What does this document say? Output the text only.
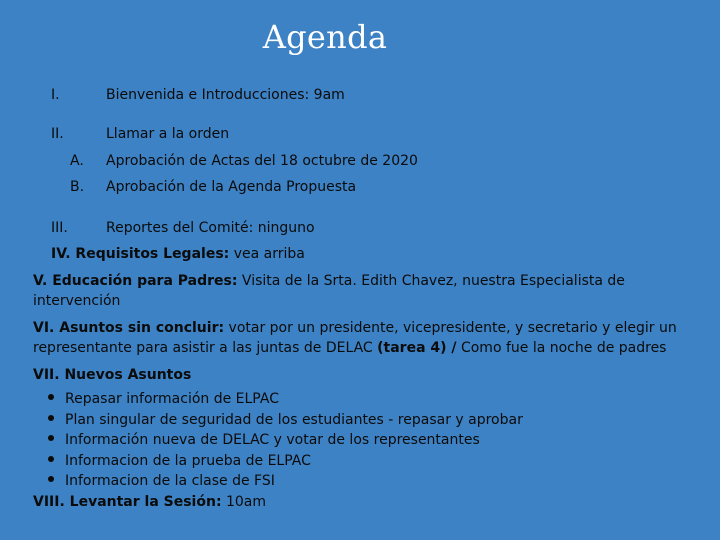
Agenda
I.	Bienvenida e Introducciones: 9am
II.	Llamar a la orden
A. Aprobación de Actas del 18 octubre de 2020
B. Aprobación de la Agenda Propuesta
III.	Reportes del Comité: ninguno
IV. Requisitos Legales: vea arriba
V. Educación para Padres: Visita de la Srta. Edith Chavez, nuestra Especialista de intervención
VI. Asuntos sin concluir: votar por un presidente, vicepresidente, y secretario y elegir un representante para asistir a las juntas de DELAC (tarea 4) / Como fue la noche de padres
VII. Nuevos Asuntos
Repasar información de ELPAC
Plan singular de seguridad de los estudiantes - repasar y aprobar
Información nueva de DELAC y votar de los representantes
Informacion de la prueba de ELPAC
Informacion de la clase de FSI
VIII. Levantar la Sesión: 10am
